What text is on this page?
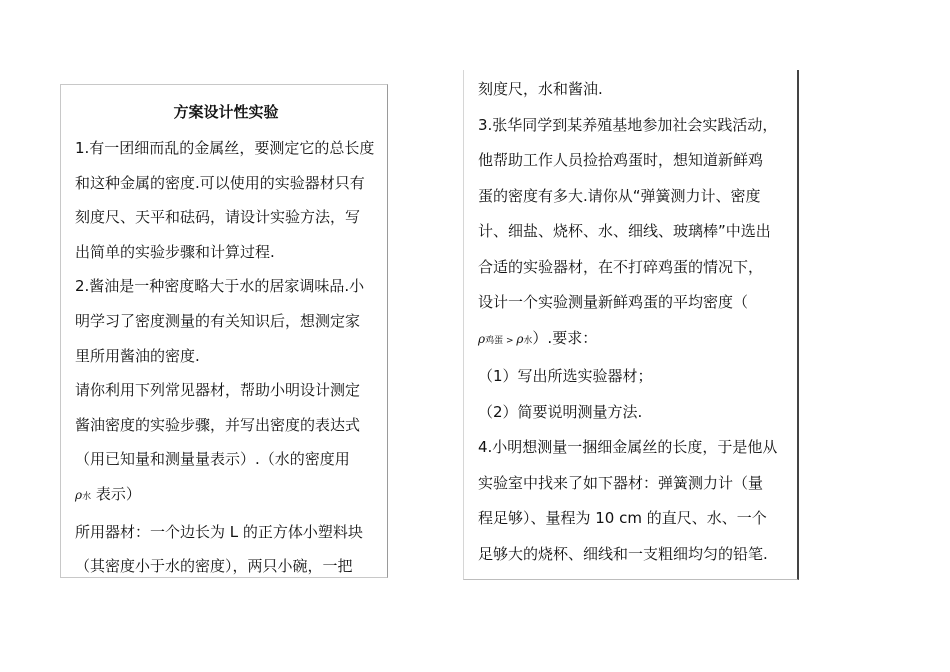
方案设计性实验
1.有一团细而乱的金属丝，要测定它的总长度
和这种金属的密度.可以使用的实验器材只有
刻度尺、天平和砝码，请设计实验方法，写
出简单的实验步骤和计算过程.
2.酱油是一种密度略大于水的居家调味品.小
明学习了密度测量的有关知识后，想测定家
里所用酱油的密度.
请你利用下列常见器材，帮助小明设计测定
酱油密度的实验步骤，并写出密度的表达式
（用已知量和测量量表示）.（水的密度用
ρ水 表示）
所用器材：一个边长为 L 的正方体小塑料块
（其密度小于水的密度），两只小碗，一把
刻度尺，水和酱油.
3.张华同学到某养殖基地参加社会实践活动，
他帮助工作人员捡拾鸡蛋时，想知道新鲜鸡
蛋的密度有多大.请你从“弹簧测力计、密度
计、细盐、烧杯、水、细线、玻璃棒”中选出
合适的实验器材，在不打碎鸡蛋的情况下，
设计一个实验测量新鲜鸡蛋的平均密度（
ρ鸡蛋 > ρ水）.要求：
（1）写出所选实验器材；
（2）简要说明测量方法.
4.小明想测量一捆细金属丝的长度，于是他从
实验室中找来了如下器材：弹簧测力计（量
程足够）、量程为 10 cm 的直尺、水、一个
足够大的烧杯、细线和一支粗细均匀的铅笔.
